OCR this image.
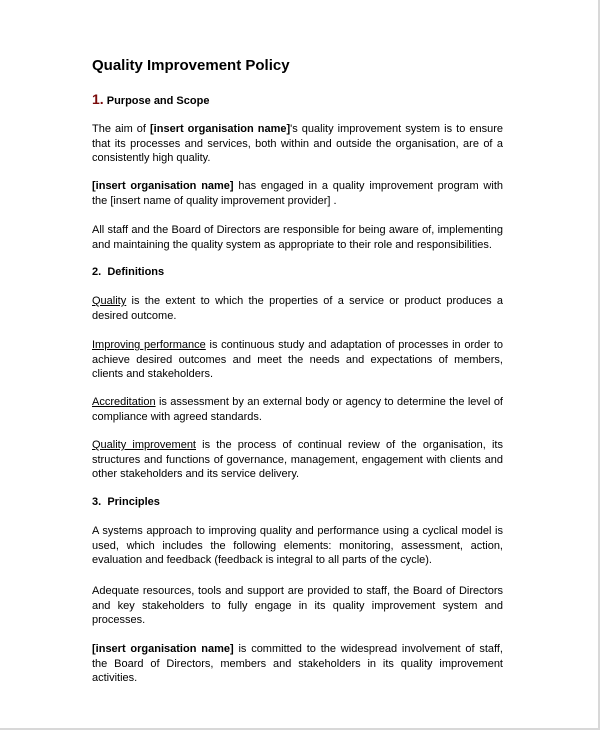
Quality Improvement Policy
1. Purpose and Scope
The aim of [insert organisation name]'s quality improvement system is to ensure that its processes and services, both within and outside the organisation, are of a consistently high quality.
[insert organisation name] has engaged in a quality improvement program with the [insert name of quality improvement provider] .
All staff and the Board of Directors are responsible for being aware of, implementing and maintaining the quality system as appropriate to their role and responsibilities.
2. Definitions
Quality is the extent to which the properties of a service or product produces a desired outcome.
Improving performance is continuous study and adaptation of processes in order to achieve desired outcomes and meet the needs and expectations of members, clients and stakeholders.
Accreditation is assessment by an external body or agency to determine the level of compliance with agreed standards.
Quality improvement is the process of continual review of the organisation, its structures and functions of governance, management, engagement with clients and other stakeholders and its service delivery.
3. Principles
A systems approach to improving quality and performance using a cyclical model is used, which includes the following elements: monitoring, assessment, action, evaluation and feedback (feedback is integral to all parts of the cycle).
Adequate resources, tools and support are provided to staff, the Board of Directors and key stakeholders to fully engage in its quality improvement system and processes.
[insert organisation name] is committed to the widespread involvement of staff, the Board of Directors, members and stakeholders in its quality improvement activities.
